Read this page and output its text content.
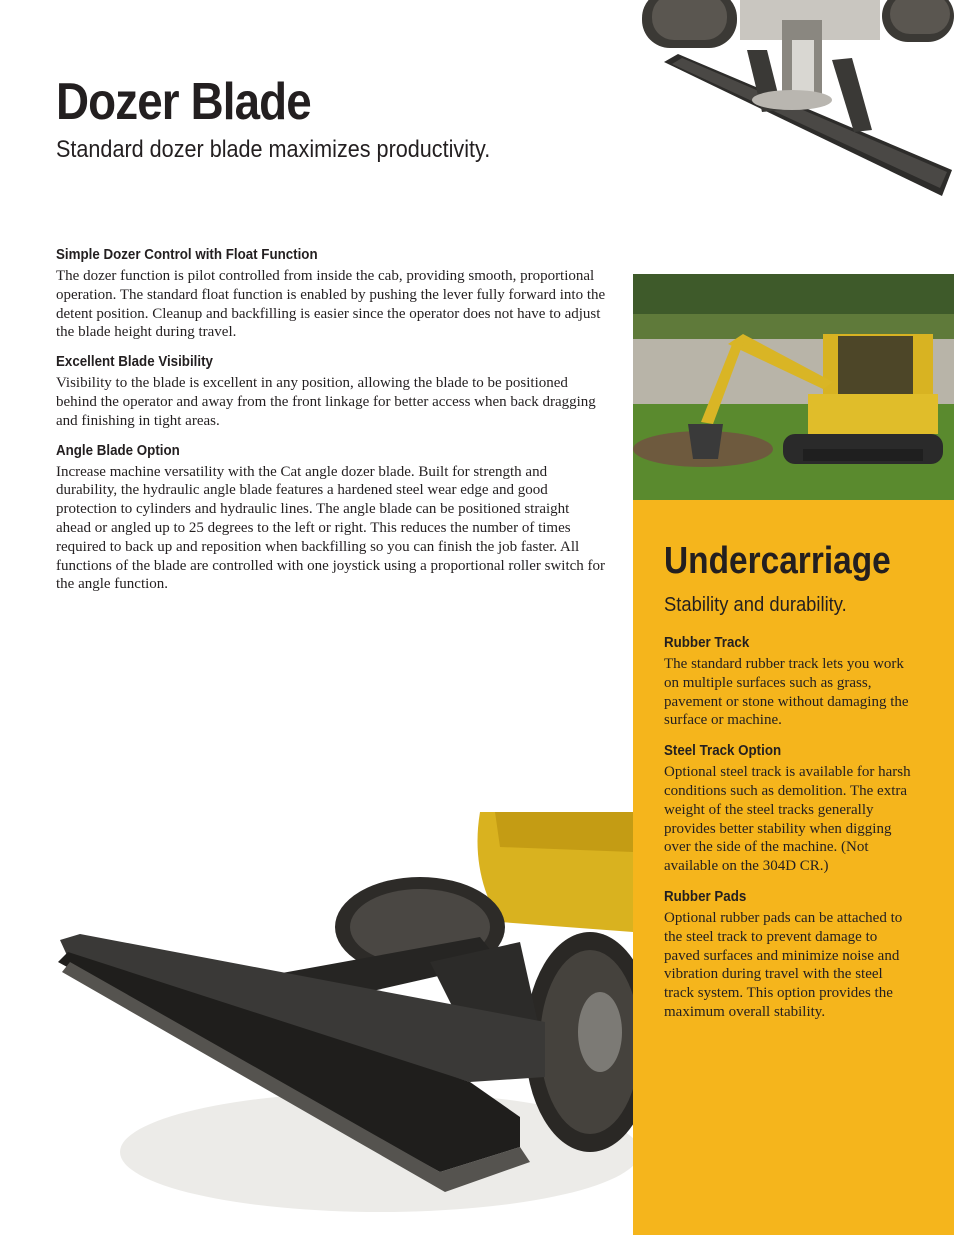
Dozer Blade

Standard dozer blade maximizes productivity.

Simple Dozer Control with Float Function

The dozer function is pilot controlled from inside the cab, providing smooth, proportional operation. The standard float function is enabled by pushing the lever fully forward into the detent position. Cleanup and backfilling is easier since the operator does not have to adjust the blade height during travel.

Excellent Blade Visibility

Visibility to the blade is excellent in any position, allowing the blade to be positioned behind the operator and away from the front linkage for better access when back dragging and finishing in tight areas.

Angle Blade Option

Increase machine versatility with the Cat angle dozer blade. Built for strength and durability, the hydraulic angle blade features a hardened steel wear edge and good protection to cylinders and hydraulic lines. The angle blade can be positioned straight ahead or angled up to 25 degrees to the left or right. This reduces the number of times required to back up and reposition when backfilling so you can finish the job faster. All functions of the blade are controlled with one joystick using a proportional roller switch for the angle function.

Undercarriage

Stability and durability.

Rubber Track

The standard rubber track lets you work on multiple surfaces such as grass, pavement or stone without damaging the surface or machine.

Steel Track Option

Optional steel track is available for harsh conditions such as demolition. The extra weight of the steel tracks generally provides better stability when digging over the side of the machine. (Not available on the 304D CR.)

Rubber Pads

Optional rubber pads can be attached to the steel track to prevent damage to paved surfaces and minimize noise and vibration during travel with the steel track system. This option provides the maximum overall stability.
